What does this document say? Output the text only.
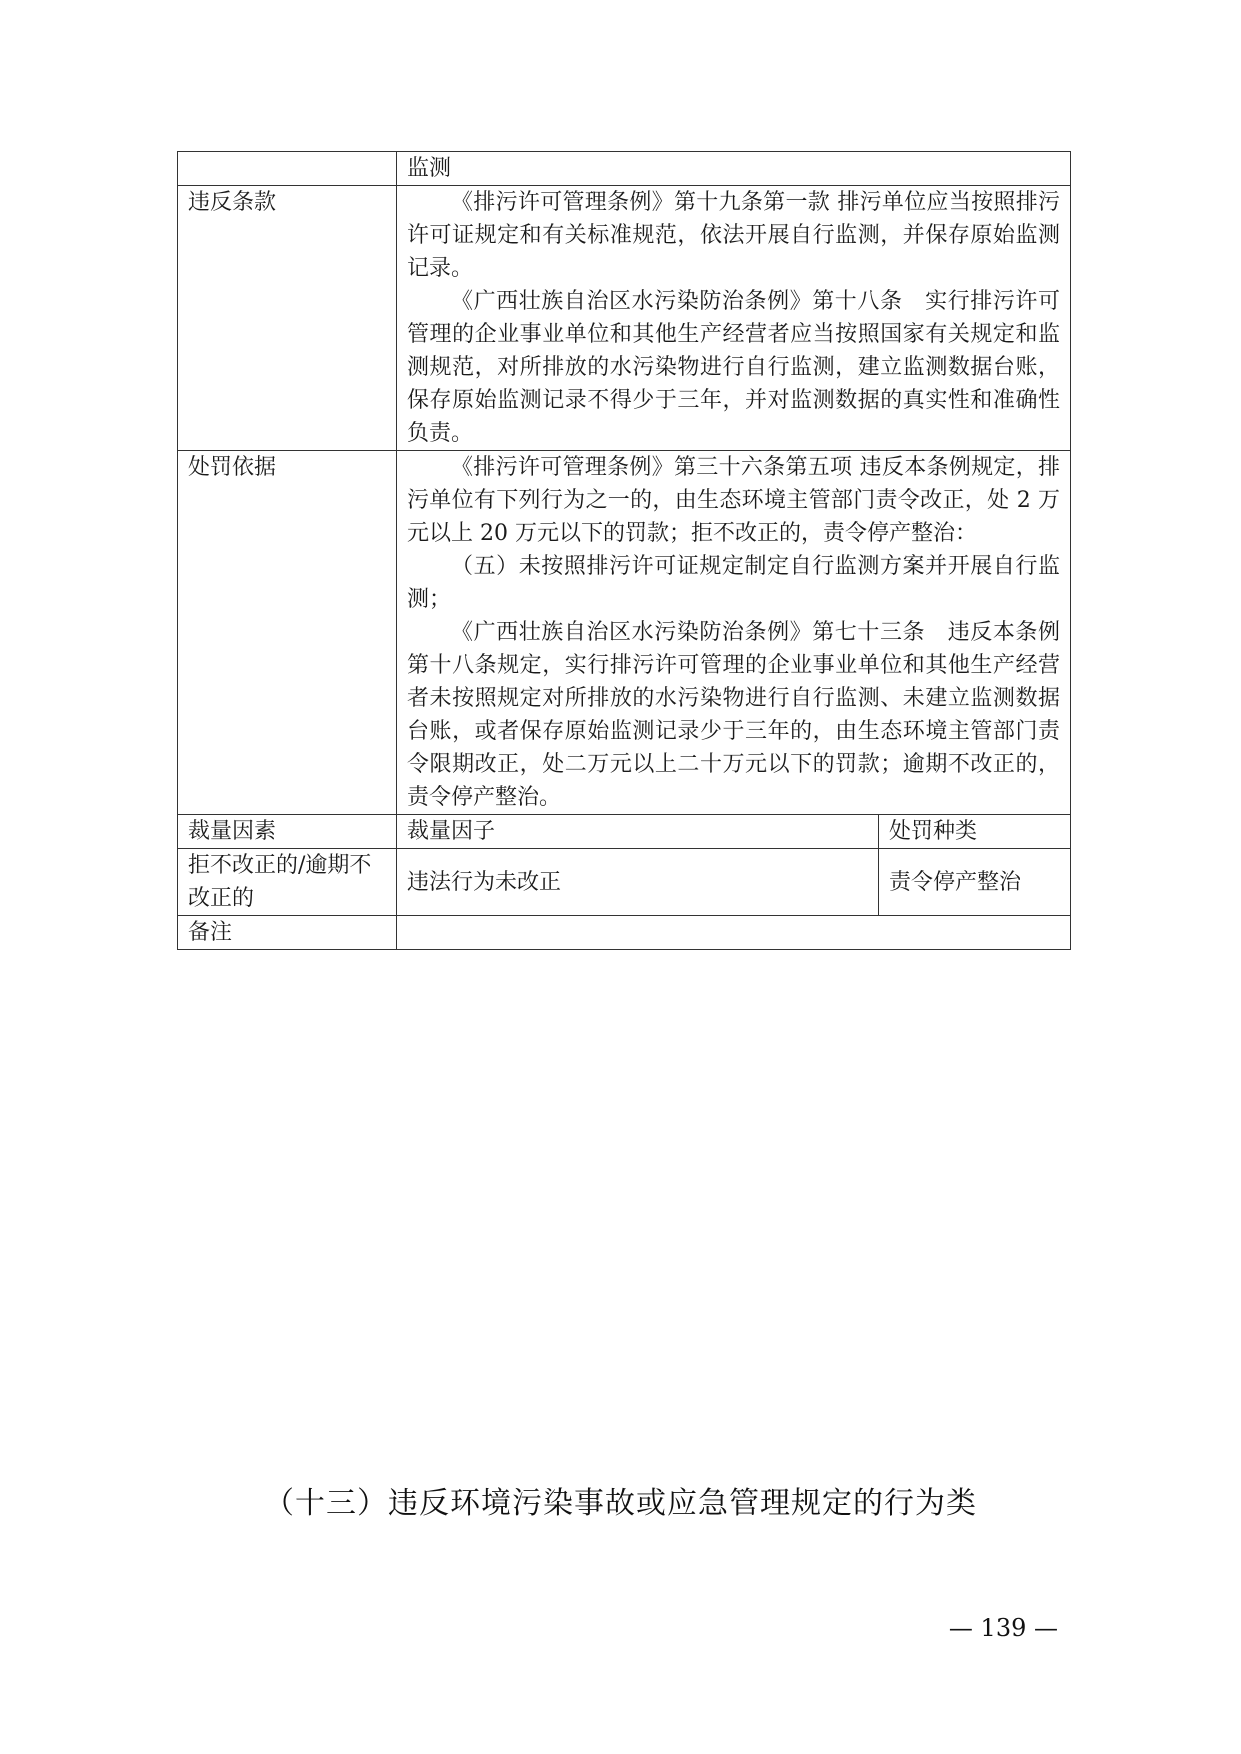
	监测	
违反条款	《排污许可管理条例》第十九条第一款 排污单位应当按照排污许可证规定和有关标准规范，依法开展自行监测，并保存原始监测记录。

《广西壮族自治区水污染防治条例》第十八条　实行排污许可管理的企业事业单位和其他生产经营者应当按照国家有关规定和监测规范，对所排放的水污染物进行自行监测，建立监测数据台账，保存原始监测记录不得少于三年，并对监测数据的真实性和准确性负责。	

处罚依据	《排污许可管理条例》第三十六条第五项 违反本条例规定，排污单位有下列行为之一的，由生态环境主管部门责令改正，处 2 万元以上 20 万元以下的罚款；拒不改正的，责令停产整治：

（五）未按照排污许可证规定制定自行监测方案并开展自行监测；

《广西壮族自治区水污染防治条例》第七十三条　违反本条例第十八条规定，实行排污许可管理的企业事业单位和其他生产经营者未按照规定对所排放的水污染物进行自行监测、未建立监测数据台账，或者保存原始监测记录少于三年的，由生态环境主管部门责令限期改正，处二万元以上二十万元以下的罚款；逾期不改正的，责令停产整治。	

裁量因素	裁量因子	处罚种类
拒不改正的/逾期不改正的	违法行为未改正	责令停产整治
备注		
（十三）违反环境污染事故或应急管理规定的行为类
— 139 —
